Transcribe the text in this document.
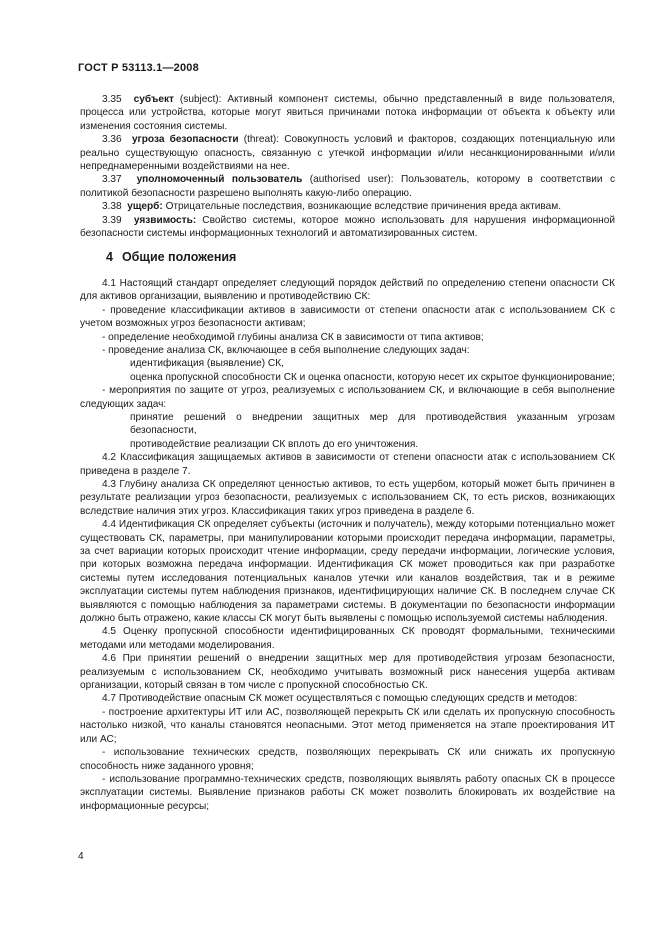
ГОСТ Р 53113.1—2008

3.35 субъект (subject): Активный компонент системы, обычно представленный в виде пользователя, процесса или устройства, которые могут явиться причинами потока информации от объекта к объекту или изменения состояния системы.

3.36 угроза безопасности (threat): Совокупность условий и факторов, создающих потенциальную или реально существующую опасность, связанную с утечкой информации и/или несанкционированными и/или непреднамеренными воздействиями на нее.

3.37 уполномоченный пользователь (authorised user): Пользователь, которому в соответствии с политикой безопасности разрешено выполнять какую-либо операцию.

3.38 ущерб: Отрицательные последствия, возникающие вследствие причинения вреда активам.

3.39 уязвимость: Свойство системы, которое можно использовать для нарушения информационной безопасности системы информационных технологий и автоматизированных систем.

4 Общие положения

4.1 Настоящий стандарт определяет следующий порядок действий по определению степени опасности СК для активов организации, выявлению и противодействию СК:

- проведение классификации активов в зависимости от степени опасности атак с использованием СК с учетом возможных угроз безопасности активам;

- определение необходимой глубины анализа СК в зависимости от типа активов;

- проведение анализа СК, включающее в себя выполнение следующих задач:

идентификация (выявление) СК,

оценка пропускной способности СК и оценка опасности, которую несет их скрытое функционирование;

- мероприятия по защите от угроз, реализуемых с использованием СК, и включающие в себя выполнение следующих задач:

принятие решений о внедрении защитных мер для противодействия указанным угрозам безопасности,

противодействие реализации СК вплоть до его уничтожения.

4.2 Классификация защищаемых активов в зависимости от степени опасности атак с использованием СК приведена в разделе 7.

4.3 Глубину анализа СК определяют ценностью активов, то есть ущербом, который может быть причинен в результате реализации угроз безопасности, реализуемых с использованием СК, то есть рисков, возникающих вследствие наличия этих угроз. Классификация таких угроз приведена в разделе 6.

4.4 Идентификация СК определяет субъекты (источник и получатель), между которыми потенциально может существовать СК, параметры, при манипулировании которыми происходит передача информации, параметры, за счет вариации которых происходит чтение информации, среду передачи информации, логические условия, при которых возможна передача информации. Идентификация СК может проводиться как при разработке системы путем исследования потенциальных каналов утечки или каналов воздействия, так и в режиме эксплуатации системы путем наблюдения признаков, идентифицирующих наличие СК. В последнем случае СК выявляются с помощью наблюдения за параметрами системы. В документации по безопасности информации должно быть отражено, какие классы СК могут быть выявлены с помощью используемой системы наблюдения.

4.5 Оценку пропускной способности идентифицированных СК проводят формальными, техническими методами или методами моделирования.

4.6 При принятии решений о внедрении защитных мер для противодействия угрозам безопасности, реализуемым с использованием СК, необходимо учитывать возможный риск нанесения ущерба активам организации, который связан в том числе с пропускной способностью СК.

4.7 Противодействие опасным СК может осуществляться с помощью следующих средств и методов:

- построение архитектуры ИТ или АС, позволяющей перекрыть СК или сделать их пропускную способность настолько низкой, что каналы становятся неопасными. Этот метод применяется на этапе проектирования ИТ или АС;

- использование технических средств, позволяющих перекрывать СК или снижать их пропускную способность ниже заданного уровня;

- использование программно-технических средств, позволяющих выявлять работу опасных СК в процессе эксплуатации системы. Выявление признаков работы СК может позволить блокировать их воздействие на информационные ресурсы;

4
